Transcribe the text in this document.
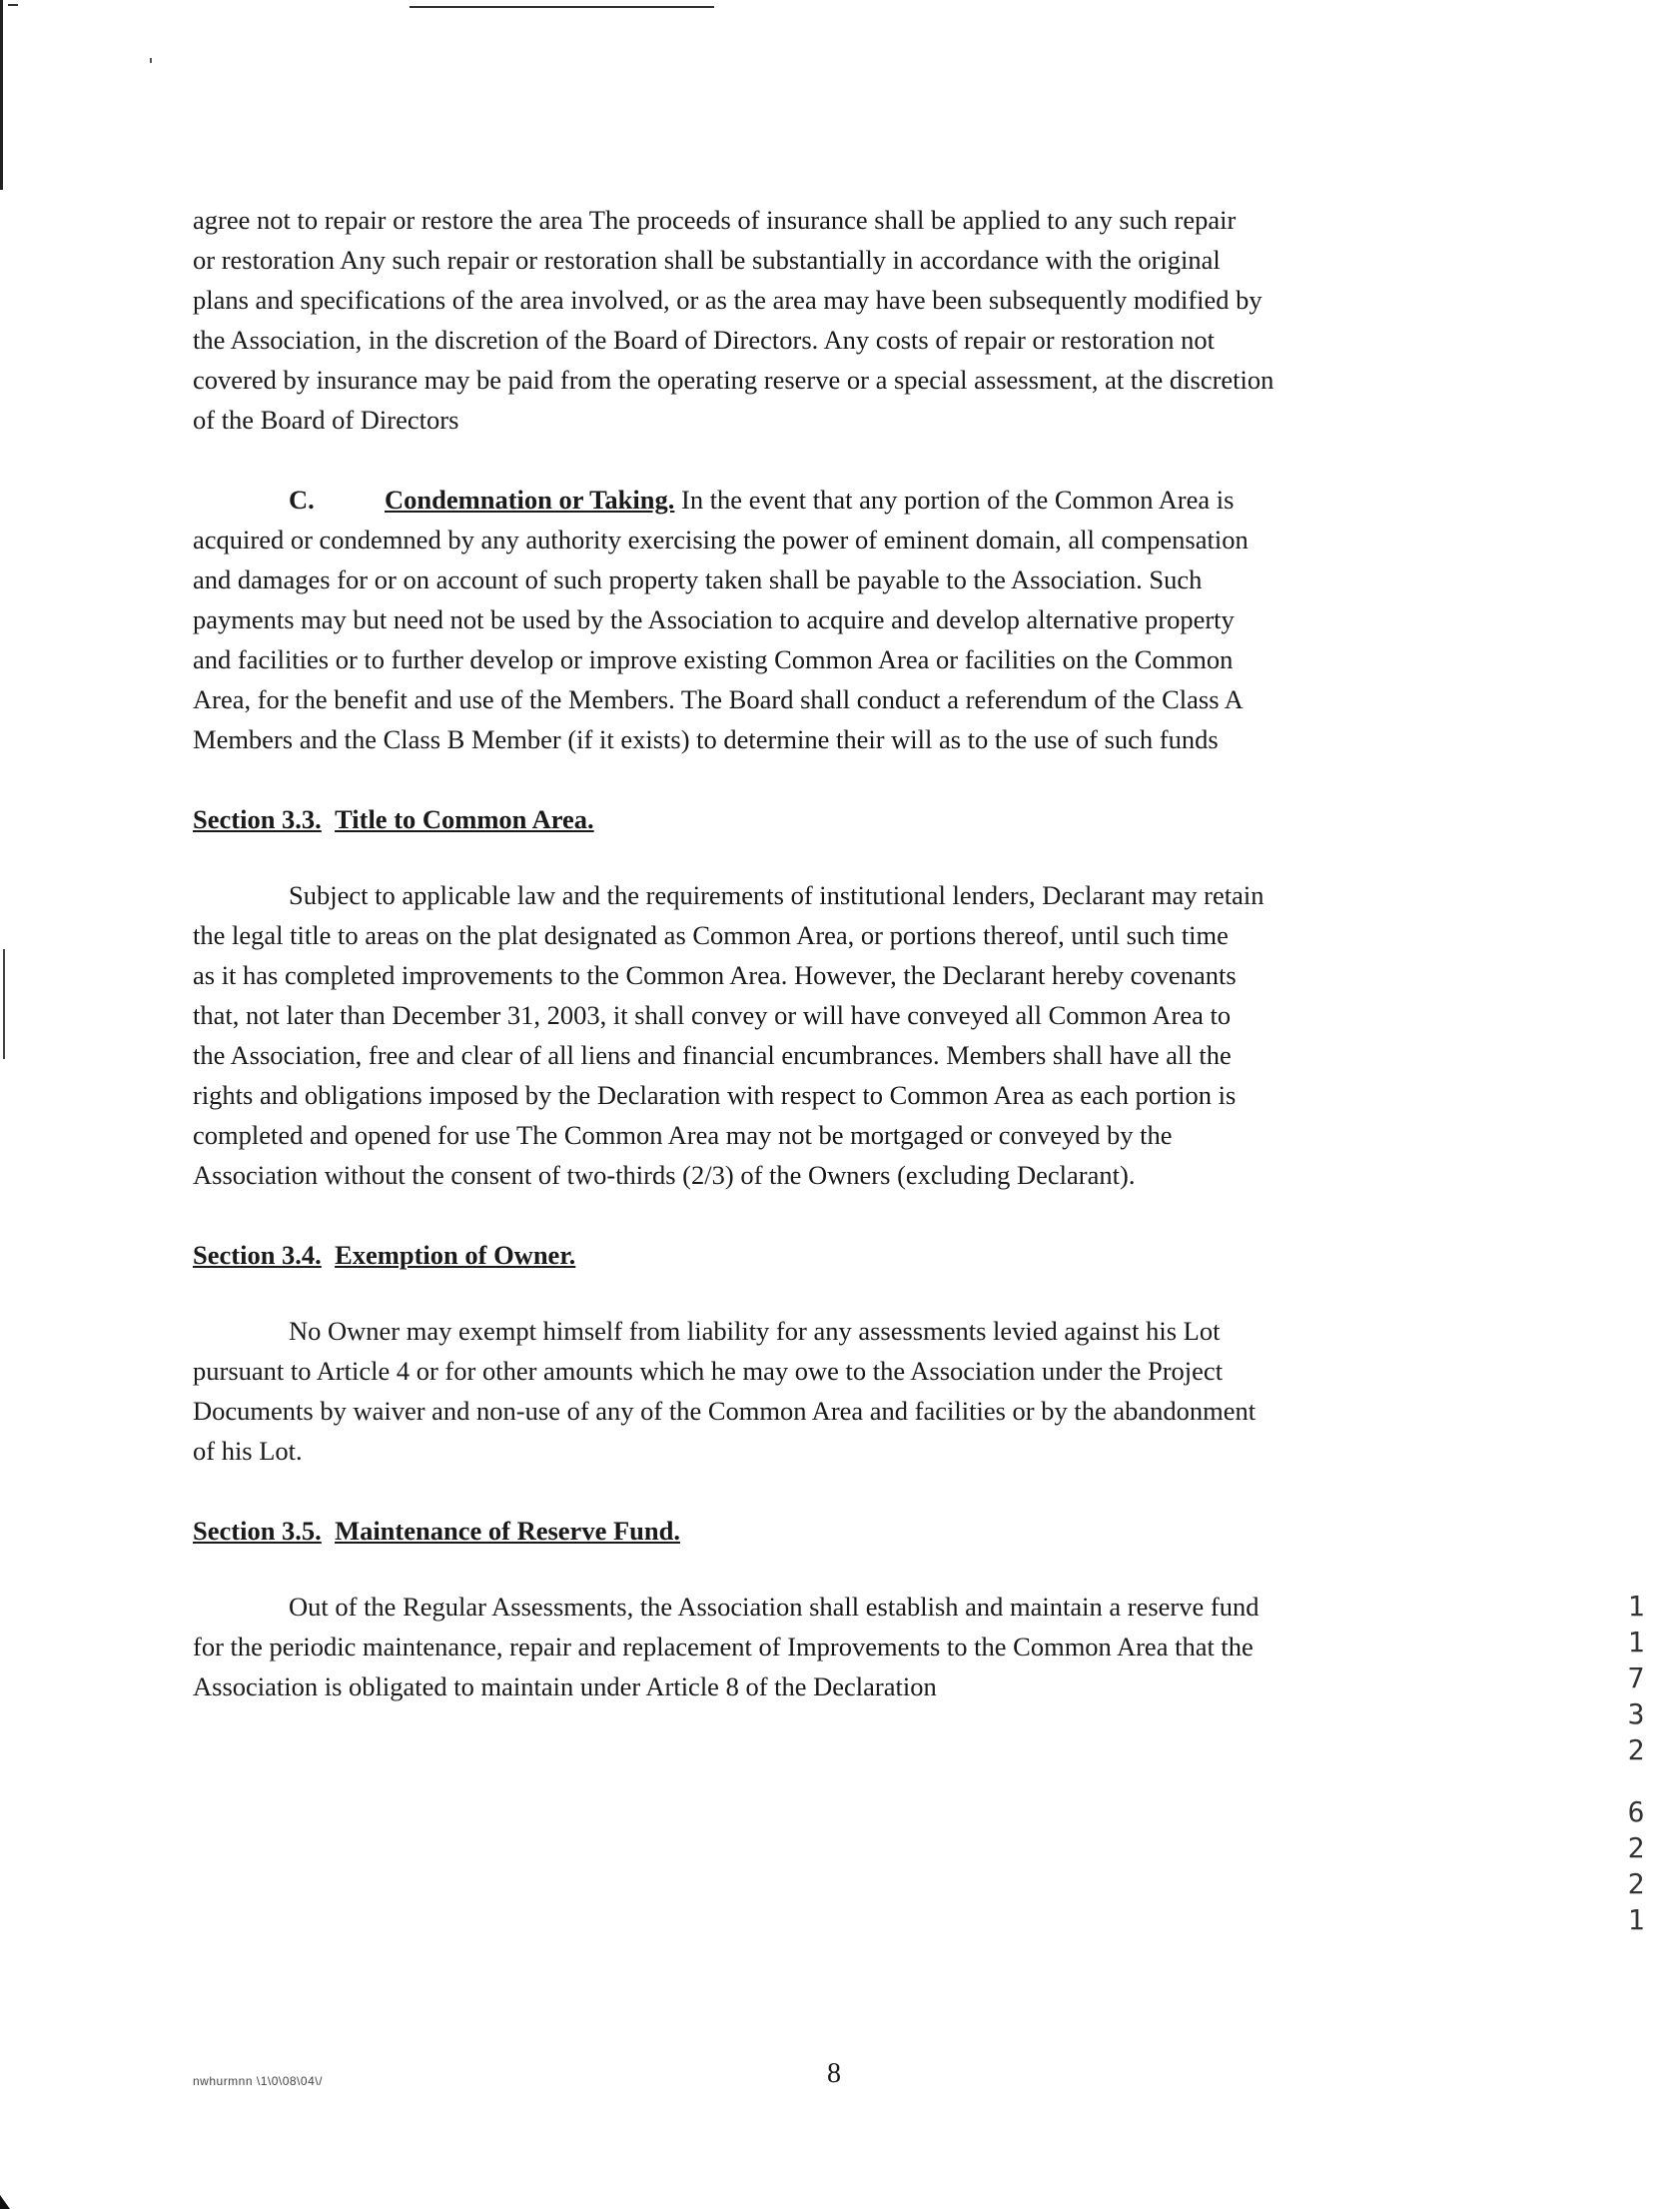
agree not to repair or restore the area The proceeds of insurance shall be applied to any such repair

or restoration Any such repair or restoration shall be substantially in accordance with the original

plans and specifications of the area involved, or as the area may have been subsequently modified by

the Association, in the discretion of the Board of Directors. Any costs of repair or restoration not

covered by insurance may be paid from the operating reserve or a special assessment, at the discretion

of the Board of Directors

C.	Condemnation or Taking. In the event that any portion of the Common Area is

acquired or condemned by any authority exercising the power of eminent domain, all compensation

and damages for or on account of such property taken shall be payable to the Association. Such

payments may but need not be used by the Association to acquire and develop alternative property

and facilities or to further develop or improve existing Common Area or facilities on the Common

Area, for the benefit and use of the Members. The Board shall conduct a referendum of the Class A

Members and the Class B Member (if it exists) to determine their will as to the use of such funds

Section 3.3. Title to Common Area.

Subject to applicable law and the requirements of institutional lenders, Declarant may retain

the legal title to areas on the plat designated as Common Area, or portions thereof, until such time

as it has completed improvements to the Common Area. However, the Declarant hereby covenants

that, not later than December 31, 2003, it shall convey or will have conveyed all Common Area to

the Association, free and clear of all liens and financial encumbrances. Members shall have all the

rights and obligations imposed by the Declaration with respect to Common Area as each portion is

completed and opened for use The Common Area may not be mortgaged or conveyed by the

Association without the consent of two-thirds (2/3) of the Owners (excluding Declarant).

Section 3.4. Exemption of Owner.

No Owner may exempt himself from liability for any assessments levied against his Lot

pursuant to Article 4 or for other amounts which he may owe to the Association under the Project

Documents by waiver and non-use of any of the Common Area and facilities or by the abandonment

of his Lot.

Section 3.5. Maintenance of Reserve Fund.

Out of the Regular Assessments, the Association shall establish and maintain a reserve fund

for the periodic maintenance, repair and replacement of Improvements to the Common Area that the

Association is obligated to maintain under Article 8 of the Declaration

nwhurmnn \1\0\08\04\/	8
1
1
7
3
2
6
2
2
1
